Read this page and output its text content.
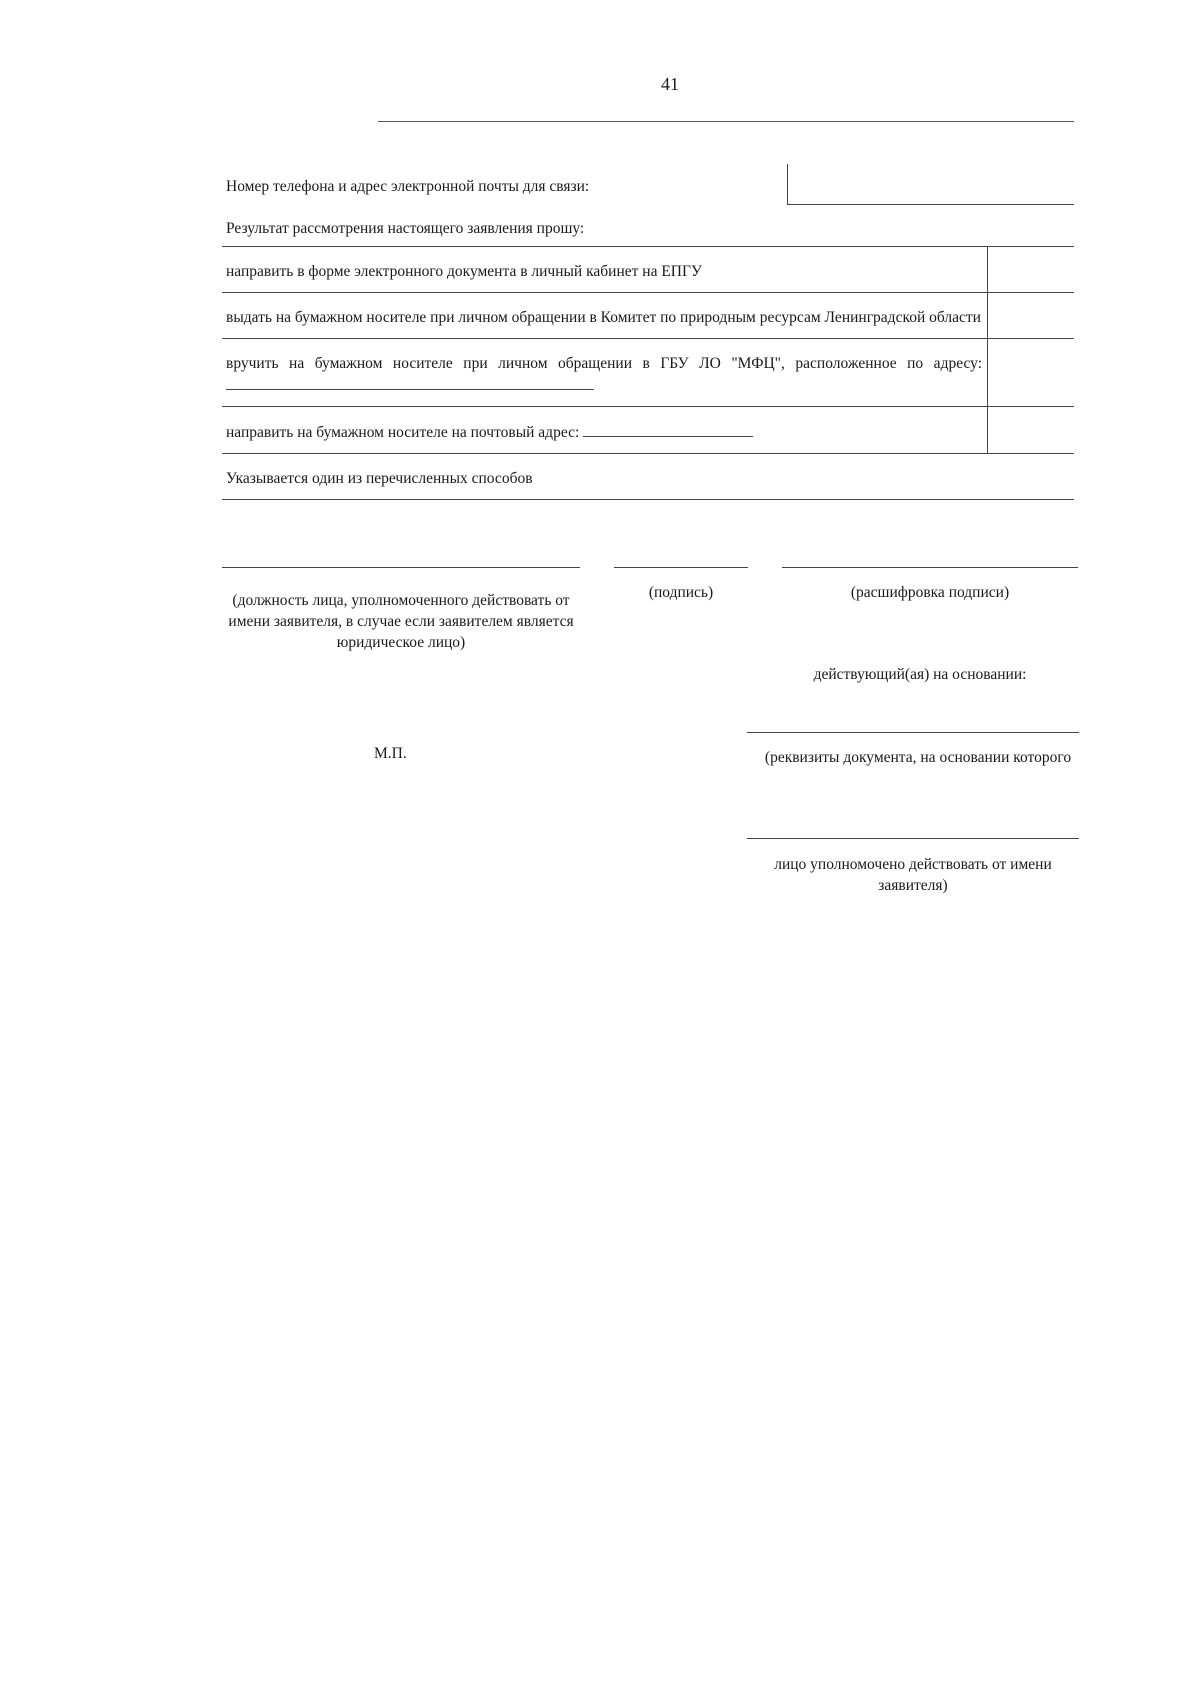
41
Номер телефона и адрес электронной почты для связи:
Результат рассмотрения настоящего заявления прошу:
направить в форме электронного документа в личный кабинет на ЕПГУ	
выдать на бумажном носителе при личном обращении в Комитет по природным ресурсам Ленинградской области	
вручить на бумажном носителе при личном обращении в ГБУ ЛО "МФЦ", расположенное по адресу:	
направить на бумажном носителе на почтовый адрес:	
Указывается один из перечисленных способов	
(должность лица, уполномоченного действовать от имени заявителя, в случае если заявителем является юридическое лицо)
(подпись)	(расшифровка подписи)
действующий(ая) на основании:
(реквизиты документа, на основании которого
М.П.
лицо уполномочено действовать от имени заявителя)
